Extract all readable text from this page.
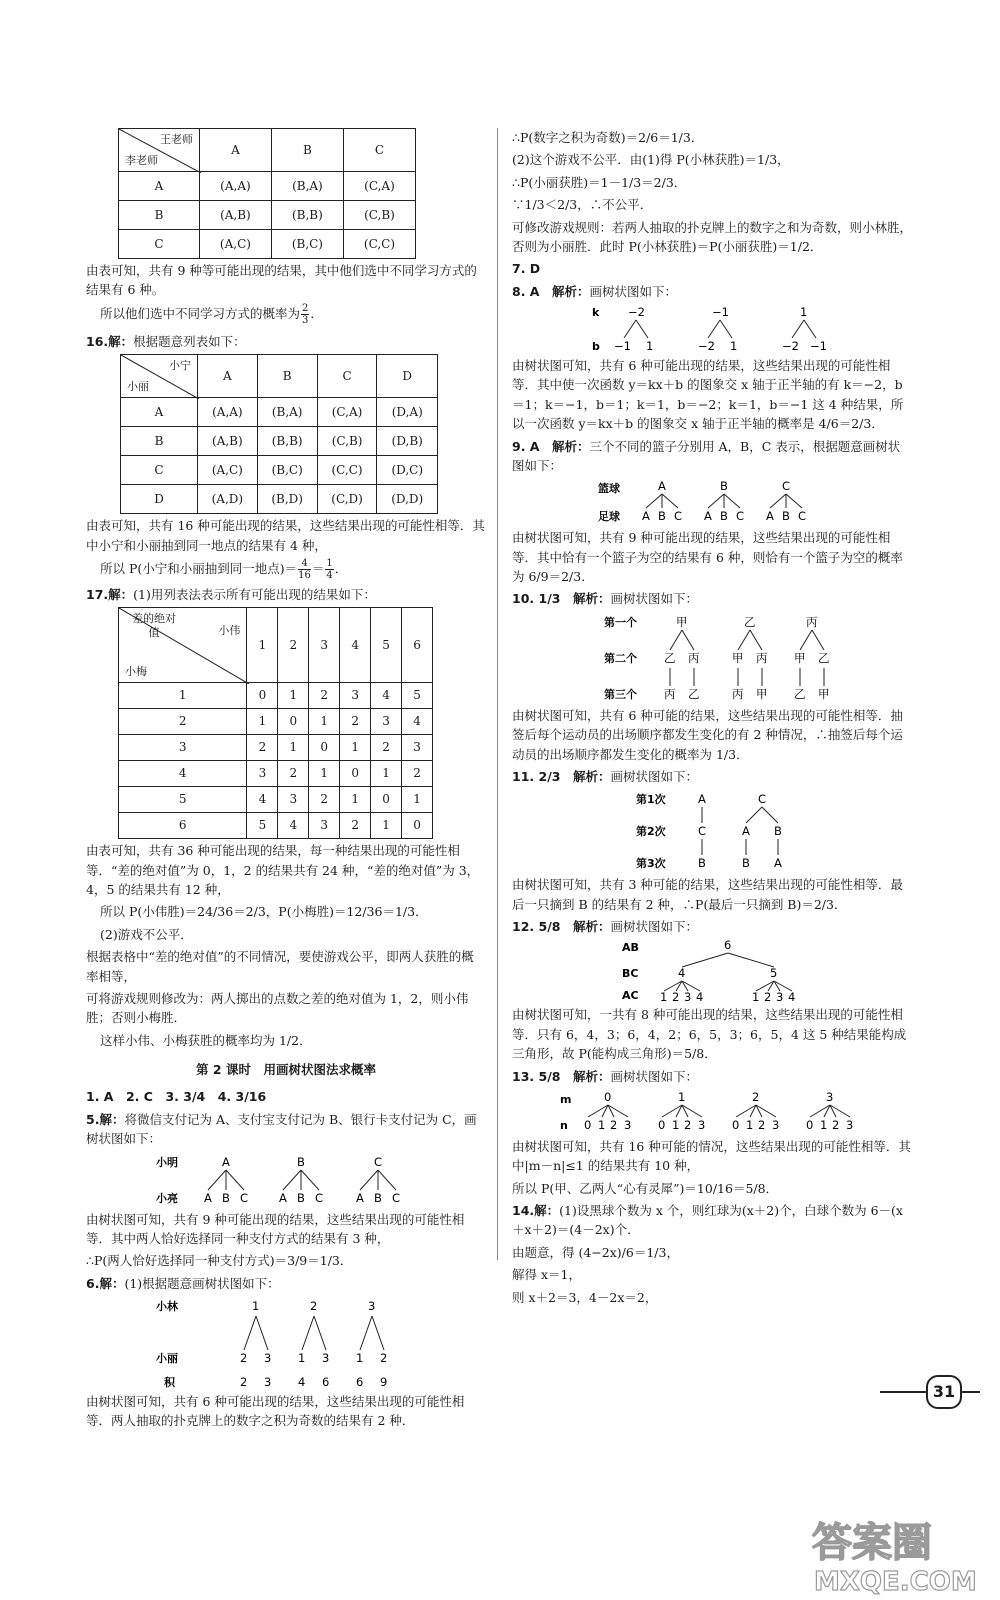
王老师
李老师	A	B	C
A	(A,A)	(B,A)	(C,A)
B	(A,B)	(B,B)	(C,B)
C	(A,C)	(B,C)	(C,C)

由表可知，共有 9 种等可能出现的结果，其中他们选中不同学习方式的结果有 6 种。

所以他们选中不同学习方式的概率为 $\frac{2}{3}$ ．

16.解：根据题意列表如下：

小宁
小丽	A	B	C	D
A	(A,A)	(B,A)	(C,A)	(D,A)
B	(A,B)	(B,B)	(C,B)	(D,B)
C	(A,C)	(B,C)	(C,C)	(D,C)
D	(A,D)	(B,D)	(C,D)	(D,D)

由表可知，共有 16 种可能出现的结果，这些结果出现的可能性相等．其中小宁和小丽抽到同一地点的结果有 4 种，

所以 P(小宁和小丽抽到同一地点)＝ $\frac{4}{16} = \frac{1}{4}$ ．

17.解：(1)用列表法表示所有可能出现的结果如下：

小伟
差的绝对值
小梅	1	2	3	4	5	6
1	0	1	2	3	4	5
2	1	0	1	2	3	4
3	2	1	0	1	2	3
4	3	2	1	0	1	2
5	4	3	2	1	0	1
6	5	4	3	2	1	0

由表可知，共有 36 种可能出现的结果，每一种结果出现的可能性相等．“差的绝对值”为 0，1，2 的结果共有 24 种，“差的绝对值”为 3，4，5 的结果共有 12 种，

所以 P(小伟胜)＝24/36＝2/3，P(小梅胜)＝12/36＝1/3．

(2)游戏不公平．

根据表格中“差的绝对值”的不同情况，要使游戏公平，即两人获胜的概率相等，

可将游戏规则修改为：两人掷出的点数之差的绝对值为 1，2，则小伟胜；否则小梅胜．

这样小伟、小梅获胜的概率均为 1/2．

第 2 课时　用画树状图法求概率

1. A　2. C　3. 3/4　4. 3/16

5.解：将微信支付记为 A、支付宝支付记为 B、银行卡支付记为 C，画树状图如下：

小明
小亮
A
A B C
B
A B C
C
A B C

由树状图可知，共有 9 种可能出现的结果，这些结果出现的可能性相等．其中两人恰好选择同一种支付方式的结果有 3 种，

∴P(两人恰好选择同一种支付方式)＝3/9＝1/3．

6.解：(1)根据题意画树状图如下：

小林
小丽
积
1
2 3
2 3
2
1 3
4 6
3
1 2
6 9

由树状图可知，共有 6 种可能出现的结果，这些结果出现的可能性相等．两人抽取的扑克牌上的数字之积为奇数的结果有 2 种．

∴P(数字之积为奇数)＝2/6＝1/3．

(2)这个游戏不公平．由(1)得 P(小林获胜)＝1/3，

∴P(小丽获胜)＝1－1/3＝2/3．

∵1/3＜2/3，∴不公平．

可修改游戏规则：若两人抽取的扑克牌上的数字之和为奇数，则小林胜，否则为小丽胜．此时 P(小林获胜)＝P(小丽获胜)＝1/2．

7. D

8. A　 解析：画树状图如下：

k
b
−2
−1 1
−1
−2 1
1
−2 −1

由树状图可知，共有 6 种可能出现的结果，这些结果出现的可能性相等．其中使一次函数 y＝kx＋b 的图象交 x 轴于正半轴的有 k＝−2，b＝1；k＝−1，b＝1；k＝1，b＝−2；k＝1，b＝−1 这 4 种结果，所以一次函数 y＝kx＋b 的图象交 x 轴于正半轴的概率是 4/6＝2/3．

9. A　 解析：三个不同的篮子分别用 A，B，C 表示，根据题意画树状图如下：

篮球
足球
A
A B C
B
A B C
C
A B C

由树状图可知，共有 9 种可能出现的结果，这些结果出现的可能性相等．其中恰有一个篮子为空的结果有 6 种，则恰有一个篮子为空的概率为 6/9＝2/3．

10. 1/3　 解析：画树状图如下：

第一个
第二个
第三个
甲
乙 丙
丙 乙
乙
甲 丙
丙 甲
丙
甲 乙
乙 甲

由树状图可知，共有 6 种可能的结果，这些结果出现的可能性相等．抽签后每个运动员的出场顺序都发生变化的有 2 种情况，∴抽签后每个运动员的出场顺序都发生变化的概率为 1/3．

11. 2/3　 解析：画树状图如下：

第1次
第2次
第3次
A
C
B
C
A B
B A

由树状图可知，共有 3 种可能的结果，这些结果出现的可能性相等．最后一只摘到 B 的结果有 2 种，∴P(最后一只摘到 B)＝2/3．

12. 5/8　 解析：画树状图如下：

AB
BC
AC
6
4	5
1 2 3 4	1 2 3 4

由树状图可知，一共有 8 种可能出现的结果，这些结果出现的可能性相等．只有 6，4，3；6，4，2；6，5，3；6，5，4 这 5 种结果能构成三角形，故 P(能构成三角形)＝5/8．

13. 5/8　 解析：画树状图如下：

m
n
0
0 1 2 3
1
0 1 2 3
2
0 1 2 3
3
0 1 2 3

由树状图可知，共有 16 种可能的情况，这些结果出现的可能性相等．其中|m－n|≤1 的结果共有 10 种，

所以 P(甲、乙两人“心有灵犀”)＝10/16＝5/8．

14.解：(1)设黑球个数为 x 个，则红球为(x＋2)个，白球个数为 6－(x＋x＋2)＝(4－2x)个．

由题意，得 (4−2x)/6＝1/3，

解得 x＝1，

则 x＋2＝3，4－2x＝2，

31
答案圈
MXQE.COM
